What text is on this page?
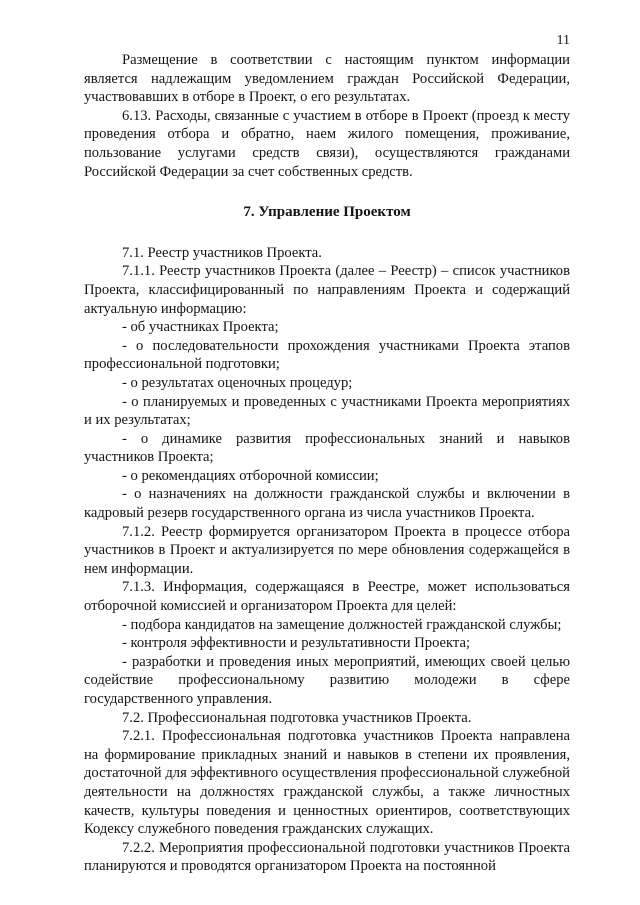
11

Размещение в соответствии с настоящим пунктом информации является надлежащим уведомлением граждан Российской Федерации, участвовавших в отборе в Проект, о его результатах.

6.13. Расходы, связанные с участием в отборе в Проект (проезд к месту проведения отбора и обратно, наем жилого помещения, проживание, пользование услугами средств связи), осуществляются гражданами Российской Федерации за счет собственных средств.

7. Управление Проектом

7.1. Реестр участников Проекта.

7.1.1. Реестр участников Проекта (далее – Реестр) – список участников Проекта, классифицированный по направлениям Проекта и содержащий актуальную информацию:

- об участниках Проекта;

- о последовательности прохождения участниками Проекта этапов профессиональной подготовки;

- о результатах оценочных процедур;

- о планируемых и проведенных с участниками Проекта мероприятиях и их результатах;

- о динамике развития профессиональных знаний и навыков участников Проекта;

- о рекомендациях отборочной комиссии;

- о назначениях на должности гражданской службы и включении в кадровый резерв государственного органа из числа участников Проекта.

7.1.2. Реестр формируется организатором Проекта в процессе отбора участников в Проект и актуализируется по мере обновления содержащейся в нем информации.

7.1.3. Информация, содержащаяся в Реестре, может использоваться отборочной комиссией и организатором Проекта для целей:

- подбора кандидатов на замещение должностей гражданской службы;

- контроля эффективности и результативности Проекта;

- разработки и проведения иных мероприятий, имеющих своей целью содействие профессиональному развитию молодежи в сфере государственного управления.

7.2. Профессиональная подготовка участников Проекта.

7.2.1. Профессиональная подготовка участников Проекта направлена на формирование прикладных знаний и навыков в степени их проявления, достаточной для эффективного осуществления профессиональной служебной деятельности на должностях гражданской службы, а также личностных качеств, культуры поведения и ценностных ориентиров, соответствующих Кодексу служебного поведения гражданских служащих.

7.2.2. Мероприятия профессиональной подготовки участников Проекта планируются и проводятся организатором Проекта на постоянной
